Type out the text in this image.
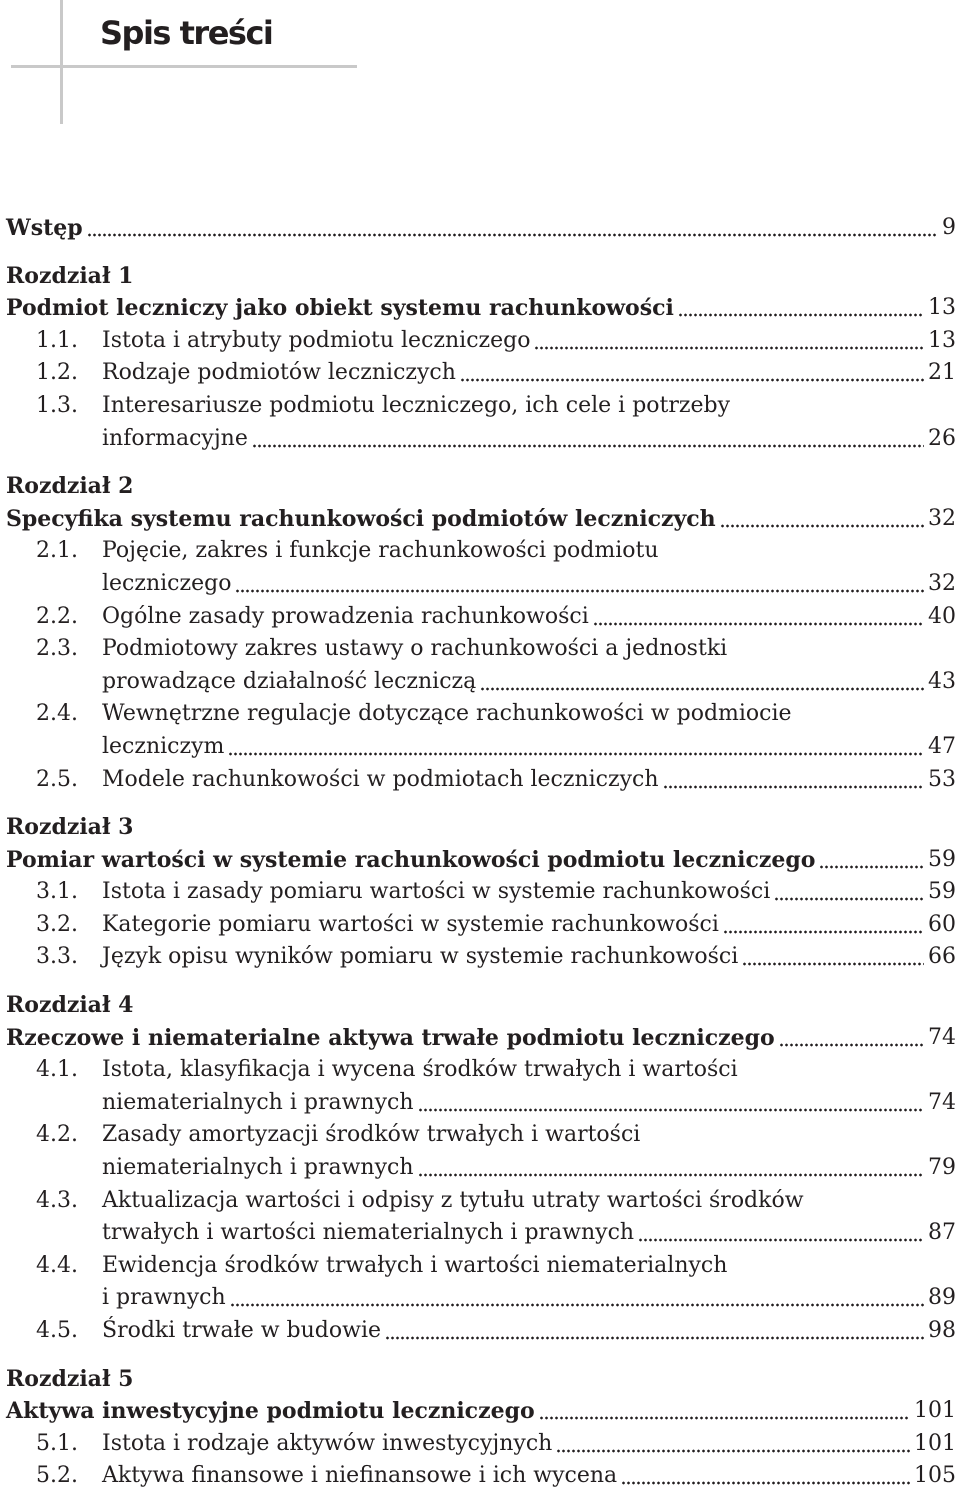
Spis treści
Wstęp	9
Rozdział 1
Podmiot leczniczy jako obiekt systemu rachunkowości	13
1.1. Istota i atrybuty podmiotu leczniczego	13
1.2. Rodzaje podmiotów leczniczych	21
1.3. Interesariusze podmiotu leczniczego, ich cele i potrzeby
informacyjne	26
Rozdział 2
Specyfika systemu rachunkowości podmiotów leczniczych	32
2.1. Pojęcie, zakres i funkcje rachunkowości podmiotu
leczniczego	32
2.2. Ogólne zasady prowadzenia rachunkowości	40
2.3. Podmiotowy zakres ustawy o rachunkowości a jednostki
prowadzące działalność leczniczą	43
2.4. Wewnętrzne regulacje dotyczące rachunkowości w podmiocie
leczniczym	47
2.5. Modele rachunkowości w podmiotach leczniczych	53
Rozdział 3
Pomiar wartości w systemie rachunkowości podmiotu leczniczego	59
3.1. Istota i zasady pomiaru wartości w systemie rachunkowości	59
3.2. Kategorie pomiaru wartości w systemie rachunkowości	60
3.3. Język opisu wyników pomiaru w systemie rachunkowości	66
Rozdział 4
Rzeczowe i niematerialne aktywa trwałe podmiotu leczniczego	74
4.1. Istota, klasyfikacja i wycena środków trwałych i wartości
niematerialnych i prawnych	74
4.2. Zasady amortyzacji środków trwałych i wartości
niematerialnych i prawnych	79
4.3. Aktualizacja wartości i odpisy z tytułu utraty wartości środków
trwałych i wartości niematerialnych i prawnych	87
4.4. Ewidencja środków trwałych i wartości niematerialnych
i prawnych	89
4.5. Środki trwałe w budowie	98
Rozdział 5
Aktywa inwestycyjne podmiotu leczniczego	101
5.1. Istota i rodzaje aktywów inwestycyjnych	101
5.2. Aktywa finansowe i niefinansowe i ich wycena	105
